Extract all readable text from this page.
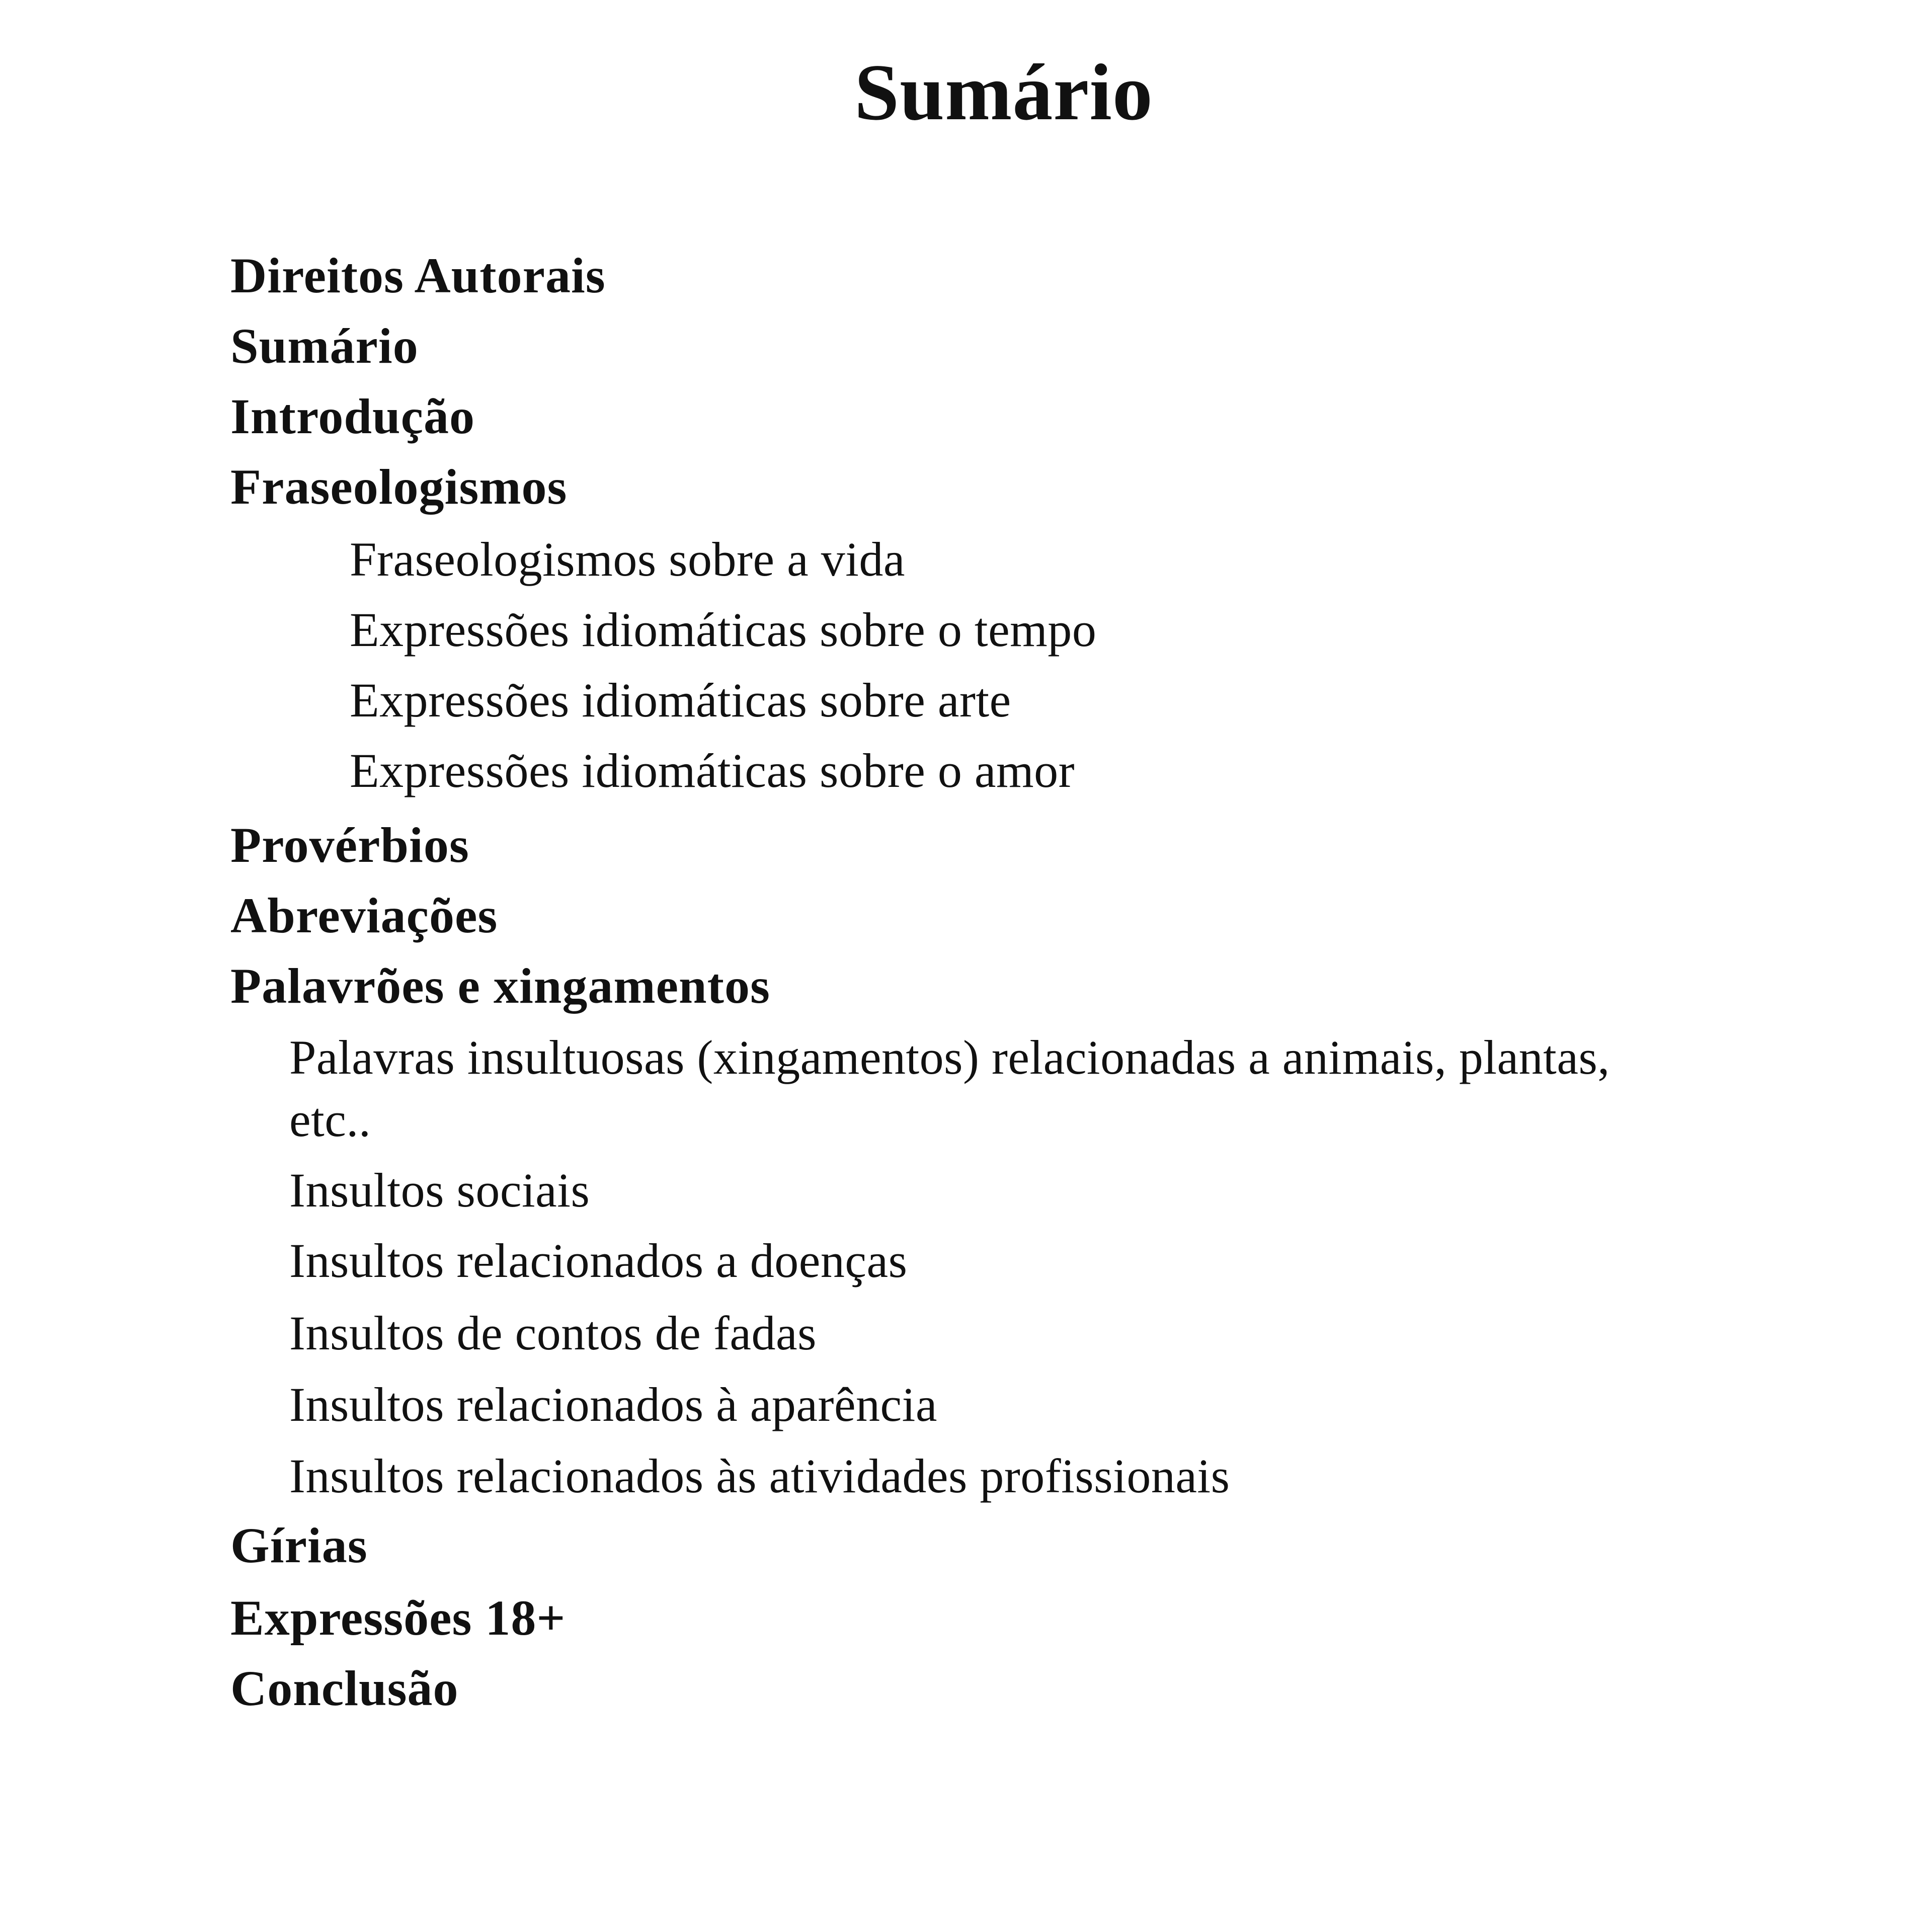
Sumário
Direitos Autorais
Sumário
Introdução
Fraseologismos
Fraseologismos sobre a vida
Expressões idiomáticas sobre o tempo
Expressões idiomáticas sobre arte
Expressões idiomáticas sobre o amor
Provérbios
Abreviações
Palavrões e xingamentos
Palavras insultuosas (xingamentos) relacionadas a animais, plantas,
etc..
Insultos sociais
Insultos relacionados a doenças
Insultos de contos de fadas
Insultos relacionados à aparência
Insultos relacionados às atividades profissionais
Gírias
Expressões 18+
Conclusão
